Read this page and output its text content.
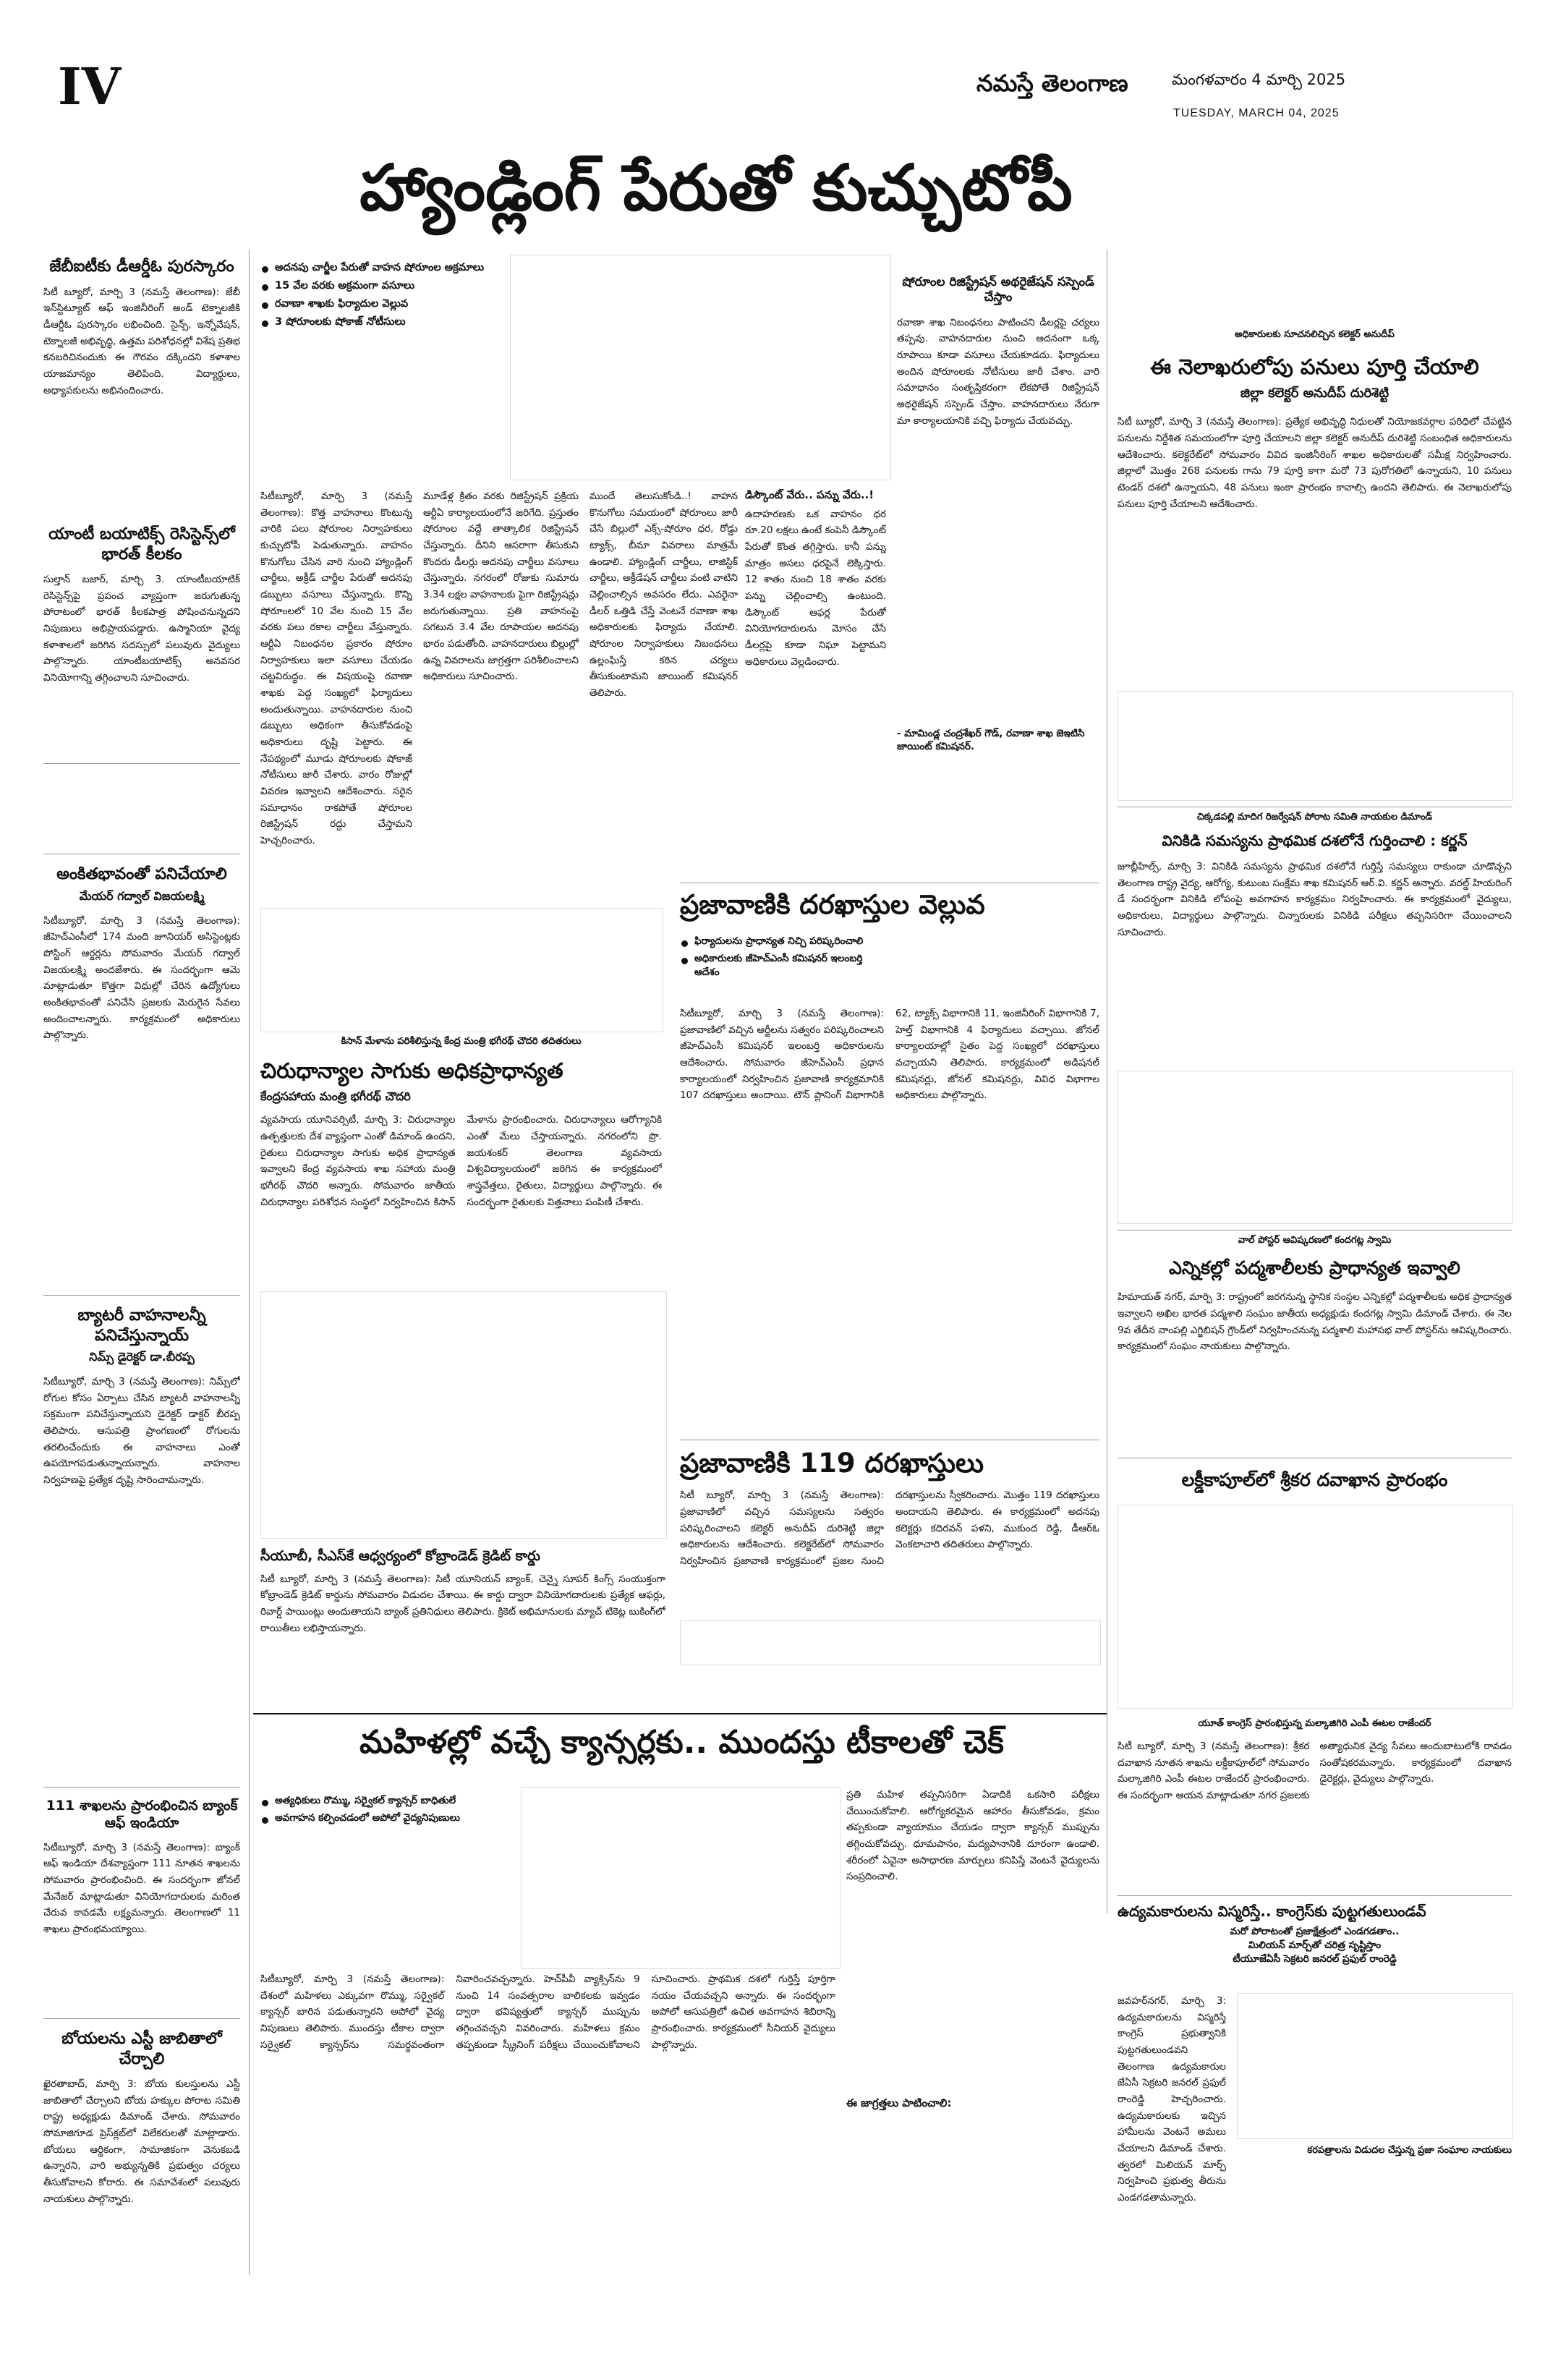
IV	నమస్తే తెలంగాణ	మంగళవారం 4 మార్చి 2025
TUESDAY, MARCH 04, 2025
హ్యాండ్లింగ్ పేరుతో కుచ్చుటోపీ
జేబీఐటీకు డీఆర్డీఓ పురస్కారం
సిటీ బ్యూరో, మార్చి 3 (నమస్తే తెలంగాణ): జేబీ ఇన్‌స్టిట్యూట్ ఆఫ్ ఇంజినీరింగ్ అండ్ టెక్నాలజీకి డీఆర్డీఓ పురస్కారం లభించింది. సైన్స్, ఇన్నోవేషన్, టెక్నాలజీ అభివృద్ధి, ఉత్తమ పరిశోధనల్లో విశేష ప్రతిభ కనబరిచినందుకు ఈ గౌరవం దక్కిందని కళాశాల యాజమాన్యం తెలిపింది. విద్యార్థులు, అధ్యాపకులను అభినందించారు.
యాంటీ బయాటిక్స్ రెసిస్టెన్స్‌లో భారత్ కీలకం
సుల్తాన్ బజార్, మార్చి 3. యాంటీబయాటిక్ రెసిస్టెన్స్‌పై ప్రపంచ వ్యాప్తంగా జరుగుతున్న పోరాటంలో భారత్ కీలకపాత్ర పోషించనున్నదని నిపుణులు అభిప్రాయపడ్డారు. ఉస్మానియా వైద్య కళాశాలలో జరిగిన సదస్సులో పలువురు వైద్యులు పాల్గొన్నారు. యాంటీబయాటిక్స్ అనవసర వినియోగాన్ని తగ్గించాలని సూచించారు.
అంకితభావంతో పనిచేయాలి
మేయర్ గద్వాల్ విజయలక్ష్మి
సిటీబ్యూరో, మార్చి 3 (నమస్తే తెలంగాణ): జీహెచ్ఎంసీలో 174 మంది జూనియర్ అసిస్టెంట్లకు పోస్టింగ్ ఆర్డర్లను సోమవారం మేయర్ గద్వాల్ విజయలక్ష్మి అందజేశారు. ఈ సందర్భంగా ఆమె మాట్లాడుతూ కొత్తగా విధుల్లో చేరిన ఉద్యోగులు అంకితభావంతో పనిచేసి ప్రజలకు మెరుగైన సేవలు అందించాలన్నారు. కార్యక్రమంలో అధికారులు పాల్గొన్నారు.
బ్యాటరీ వాహనాలన్నీ పనిచేస్తున్నాయ్
నిమ్స్ డైరెక్టర్ డా.బీరప్ప
సిటీబ్యూరో, మార్చి 3 (నమస్తే తెలంగాణ): నిమ్స్‌లో రోగుల కోసం ఏర్పాటు చేసిన బ్యాటరీ వాహనాలన్నీ సక్రమంగా పనిచేస్తున్నాయని డైరెక్టర్ డాక్టర్ బీరప్ప తెలిపారు. ఆసుపత్రి ప్రాంగణంలో రోగులను తరలించేందుకు ఈ వాహనాలు ఎంతో ఉపయోగపడుతున్నాయన్నారు. వాహనాల నిర్వహణపై ప్రత్యేక దృష్టి సారించామన్నారు.
111 శాఖలను ప్రారంభించిన బ్యాంక్ ఆఫ్ ఇండియా
సిటీబ్యూరో, మార్చి 3 (నమస్తే తెలంగాణ): బ్యాంక్ ఆఫ్ ఇండియా దేశవ్యాప్తంగా 111 నూతన శాఖలను సోమవారం ప్రారంభించింది. ఈ సందర్భంగా జోనల్ మేనేజర్ మాట్లాడుతూ వినియోగదారులకు మరింత చేరువ కావడమే లక్ష్యమన్నారు. తెలంగాణలో 11 శాఖలు ప్రారంభమయ్యాయి.
బోయలను ఎస్టీ జాబితాలో చేర్చాలి
ఖైరతాబాద్, మార్చి 3: బోయ కులస్తులను ఎస్టీ జాబితాలో చేర్చాలని బోయ హక్కుల పోరాట సమితి రాష్ట్ర అధ్యక్షుడు డిమాండ్ చేశారు. సోమవారం సోమాజిగూడ ప్రెస్‌క్లబ్‌లో విలేకరులతో మాట్లాడారు. బోయలు ఆర్థికంగా, సామాజికంగా వెనుకబడి ఉన్నారని, వారి అభ్యున్నతికి ప్రభుత్వం చర్యలు తీసుకోవాలని కోరారు. ఈ సమావేశంలో పలువురు నాయకులు పాల్గొన్నారు.
అదనపు చార్జీల పేరుతో వాహన షోరూంల అక్రమాలు
15 వేల వరకు అక్రమంగా వసూలు
రవాణా శాఖకు ఫిర్యాదుల వెల్లువ
3 షోరూంలకు షోకాజ్ నోటీసులు
సిటీబ్యూరో, మార్చి 3 (నమస్తే తెలంగాణ): కొత్త వాహనాలు కొంటున్న వారికి పలు షోరూంల నిర్వాహకులు కుచ్చుటోపీ పెడుతున్నారు. వాహనం కొనుగోలు చేసిన వారి నుంచి హ్యాండ్లింగ్ చార్జీలు, అక్రీడ్ చార్జీల పేరుతో అదనపు డబ్బులు వసూలు చేస్తున్నారు. కొన్ని షోరూంలలో 10 వేల నుంచి 15 వేల వరకు పలు రకాల చార్జీలు వేస్తున్నారు. ఆర్టీఏ నిబంధనల ప్రకారం షోరూం నిర్వాహకులు ఇలా వసూలు చేయడం చట్టవిరుద్ధం. ఈ విషయంపై రవాణా శాఖకు పెద్ద సంఖ్యలో ఫిర్యాదులు అందుతున్నాయి. వాహనదారుల నుంచి డబ్బులు అధికంగా తీసుకోవడంపై అధికారులు దృష్టి పెట్టారు. ఈ నేపథ్యంలో మూడు షోరూంలకు షోకాజ్ నోటీసులు జారీ చేశారు. వారం రోజుల్లో వివరణ ఇవ్వాలని ఆదేశించారు. సరైన సమాధానం రాకపోతే షోరూంల రిజిస్ట్రేషన్ రద్దు చేస్తామని హెచ్చరించారు.
మూడేళ్ల క్రితం వరకు రిజిస్ట్రేషన్ ప్రక్రియ ఆర్టీఏ కార్యాలయంలోనే జరిగేది. ప్రస్తుతం షోరూంల వద్దే తాత్కాలిక రిజిస్ట్రేషన్ చేస్తున్నారు. దీనిని ఆసరాగా తీసుకుని కొందరు డీలర్లు అదనపు చార్జీలు వసూలు చేస్తున్నారు. నగరంలో రోజుకు సుమారు 3.34 లక్షల వాహనాలకు పైగా రిజిస్ట్రేషన్లు జరుగుతున్నాయి. ప్రతి వాహనంపై సగటున 3.4 వేల రూపాయల అదనపు భారం పడుతోంది. వాహనదారులు బిల్లుల్లో ఉన్న వివరాలను జాగ్రత్తగా పరిశీలించాలని అధికారులు సూచించారు.
ముందే తెలుసుకోండి..! వాహన కొనుగోలు సమయంలో షోరూంలు జారీ చేసే బిల్లులో ఎక్స్-షోరూం ధర, రోడ్డు ట్యాక్స్, బీమా వివరాలు మాత్రమే ఉండాలి. హ్యాండ్లింగ్ చార్జీలు, లాజిస్టిక్ చార్జీలు, అక్రీడేషన్ చార్జీలు వంటి వాటిని చెల్లించాల్సిన అవసరం లేదు. ఎవరైనా డీలర్ ఒత్తిడి చేస్తే వెంటనే రవాణా శాఖ అధికారులకు ఫిర్యాదు చేయాలి. షోరూంల నిర్వాహకులు నిబంధనలు ఉల్లంఘిస్తే కఠిన చర్యలు తీసుకుంటామని జాయింట్ కమిషనర్ తెలిపారు.
షోరూంల రిజిస్ట్రేషన్ అథరైజేషన్ సస్పెండ్ చేస్తాం
రవాణా శాఖ నిబంధనలు పాటించని డీలర్లపై చర్యలు తప్పవు. వాహనదారుల నుంచి అదనంగా ఒక్క రూపాయి కూడా వసూలు చేయకూడదు. ఫిర్యాదులు అందిన షోరూంలకు నోటీసులు జారీ చేశాం. వారి సమాధానం సంతృప్తికరంగా లేకపోతే రిజిస్ట్రేషన్ అథరైజేషన్ సస్పెండ్ చేస్తాం. వాహనదారులు నేరుగా మా కార్యాలయానికి వచ్చి ఫిర్యాదు చేయవచ్చు.
- మామిండ్ల చంద్రశేఖర్ గౌడ్, రవాణా శాఖ జెఇటిసి జాయింట్ కమిషనర్.
డిస్కౌంట్ వేరు.. పన్ను వేరు..!
ఉదాహరణకు ఒక వాహనం ధర రూ.20 లక్షలు ఉంటే కంపెనీ డిస్కౌంట్ పేరుతో కొంత తగ్గిస్తారు. కానీ పన్ను మాత్రం అసలు ధరపైనే లెక్కిస్తారు. 12 శాతం నుంచి 18 శాతం వరకు పన్ను చెల్లించాల్సి ఉంటుంది. డిస్కౌంట్ ఆఫర్ల పేరుతో వినియోగదారులను మోసం చేసే డీలర్లపై కూడా నిఘా పెట్టామని అధికారులు వెల్లడించారు.
అధికారులకు సూచనలిచ్చిన కలెక్టర్ అనుదీప్
ఈ నెలాఖరులోపు పనులు పూర్తి చేయాలి
జిల్లా కలెక్టర్ అనుదీప్ దురిశెట్టి
సిటీ బ్యూరో, మార్చి 3 (నమస్తే తెలంగాణ): ప్రత్యేక అభివృద్ధి నిధులతో నియోజకవర్గాల పరిధిలో చేపట్టిన పనులను నిర్దేశిత సమయంలోగా పూర్తి చేయాలని జిల్లా కలెక్టర్ అనుదీప్ దురిశెట్టి సంబంధిత అధికారులను ఆదేశించారు. కలెక్టరేట్‌లో సోమవారం వివిద ఇంజినీరింగ్ శాఖల అధికారులతో సమీక్ష నిర్వహించారు. జిల్లాలో మొత్తం 268 పనులకు గాను 79 పూర్తి కాగా మరో 73 పురోగతిలో ఉన్నాయని, 10 పనులు టెండర్ దశలో ఉన్నాయని, 48 పనులు ఇంకా ప్రారంభం కావాల్సి ఉందని తెలిపారు. ఈ నెలాఖరులోపు పనులు పూర్తి చేయాలని ఆదేశించారు.
చిక్కడపల్లి మాదిగ రిజర్వేషన్ పోరాట సమితి నాయకుల డిమాండ్
వినికిడి సమస్యను ప్రాథమిక దశలోనే గుర్తించాలి : కర్ణన్
జూబ్లీహిల్స్, మార్చి 3: వినికిడి సమస్యను ప్రాథమిక దశలోనే గుర్తిస్తే సమస్యలు రాకుండా చూడొచ్చని తెలంగాణ రాష్ట్ర వైద్య, ఆరోగ్య, కుటుంబ సంక్షేమ శాఖ కమిషనర్ ఆర్.వి. కర్ణన్ అన్నారు. వరల్డ్ హియరింగ్ డే సందర్భంగా వినికిడి లోపంపై అవగాహన కార్యక్రమం నిర్వహించారు. ఈ కార్యక్రమంలో వైద్యులు, అధికారులు, విద్యార్థులు పాల్గొన్నారు. చిన్నారులకు వినికిడి పరీక్షలు తప్పనిసరిగా చేయించాలని సూచించారు.
వాల్ పోస్టర్ ఆవిష్కరణలో కందగట్ల స్వామి
ఎన్నికల్లో పద్మశాలీలకు ప్రాధాన్యత ఇవ్వాలి
హిమాయత్ నగర్, మార్చి 3: రాష్ట్రంలో జరగనున్న స్థానిక సంస్థల ఎన్నికల్లో పద్మశాలీలకు అధిక ప్రాధాన్యత ఇవ్వాలని అఖిల భారత పద్మశాలి సంఘం జాతీయ అధ్యక్షుడు కందగట్ల స్వామి డిమాండ్ చేశారు. ఈ నెల 9వ తేదీన నాంపల్లి ఎగ్జిబిషన్ గ్రౌండ్‌లో నిర్వహించనున్న పద్మశాలి మహాసభ వాల్ పోస్టర్‌ను ఆవిష్కరించారు. కార్యక్రమంలో సంఘం నాయకులు పాల్గొన్నారు.
లక్డీకాపూల్‌లో శ్రీకర దవాఖాన ప్రారంభం
ప్రజావాణికి దరఖాస్తుల వెల్లువ
ఫిర్యాదులను ప్రాధాన్యత నిచ్చి పరిష్కరించాలి
అధికారులకు జీహెచ్ఎంసీ కమిషనర్ ఇలంబర్తి ఆదేశం
సిటీబ్యూరో, మార్చి 3 (నమస్తే తెలంగాణ): ప్రజావాణిలో వచ్చిన అర్జీలను సత్వరం పరిష్కరించాలని జీహెచ్ఎంసీ కమిషనర్ ఇలంబర్తి అధికారులను ఆదేశించారు. సోమవారం జీహెచ్ఎంసీ ప్రధాన కార్యాలయంలో నిర్వహించిన ప్రజావాణి కార్యక్రమానికి 107 దరఖాస్తులు అందాయి. టౌన్ ప్లానింగ్ విభాగానికి 62, ట్యాక్స్ విభాగానికి 11, ఇంజినీరింగ్ విభాగానికి 7, హెల్త్ విభాగానికి 4 ఫిర్యాదులు వచ్చాయి. జోనల్ కార్యాలయాల్లో సైతం పెద్ద సంఖ్యలో దరఖాస్తులు వచ్చాయని తెలిపారు. కార్యక్రమంలో అడిషనల్ కమిషనర్లు, జోనల్ కమిషనర్లు, వివిధ విభాగాల అధికారులు పాల్గొన్నారు.
కిసాన్ మేళాను పరిశీలిస్తున్న కేంద్ర మంత్రి భగీరథ్ చౌదరి తదితరులు
చిరుధాన్యాల సాగుకు అధికప్రాధాన్యత
కేంద్రసహాయ మంత్రి భగీరథ్ చౌదరి
వ్యవసాయ యూనివర్సిటీ, మార్చి 3: చిరుధాన్యాల ఉత్పత్తులకు దేశ వ్యాప్తంగా ఎంతో డిమాండ్ ఉందని, రైతులు చిరుధాన్యాల సాగుకు అధిక ప్రాధాన్యత ఇవ్వాలని కేంద్ర వ్యవసాయ శాఖ సహాయ మంత్రి భగీరథ్ చౌదరి అన్నారు. సోమవారం జాతీయ చిరుధాన్యాల పరిశోధన సంస్థలో నిర్వహించిన కిసాన్ మేళాను ప్రారంభించారు. చిరుధాన్యాలు ఆరోగ్యానికి ఎంతో మేలు చేస్తాయన్నారు. నగరంలోని ప్రొ. జయశంకర్ తెలంగాణ వ్యవసాయ విశ్వవిద్యాలయంలో జరిగిన ఈ కార్యక్రమంలో శాస్త్రవేత్తలు, రైతులు, విద్యార్థులు పాల్గొన్నారు. ఈ సందర్భంగా రైతులకు విత్తనాలు పంపిణీ చేశారు.
ప్రజావాణికి 119 దరఖాస్తులు
సిటీ బ్యూరో, మార్చి 3 (నమస్తే తెలంగాణ): ప్రజావాణిలో వచ్చిన సమస్యలను సత్వరం పరిష్కరించాలని కలెక్టర్ అనుదీప్ దురిశెట్టి జిల్లా అధికారులను ఆదేశించారు. కలెక్టరేట్‌లో సోమవారం నిర్వహించిన ప్రజావాణి కార్యక్రమంలో ప్రజల నుంచి దరఖాస్తులను స్వీకరించారు. మొత్తం 119 దరఖాస్తులు అందాయని తెలిపారు. ఈ కార్యక్రమంలో అదనపు కలెక్టర్లు కదిరవన్ పళని, ముకుంద రెడ్డి, డీఆర్ఓ వెంకటాచారి తదితరులు పాల్గొన్నారు.
సీయూబీ, సీఎస్‌కే ఆధ్వర్యంలో కోబ్రాండెడ్ క్రెడిట్ కార్డు
సిటీ బ్యూరో, మార్చి 3 (నమస్తే తెలంగాణ): సిటీ యూనియన్ బ్యాంక్, చెన్నై సూపర్ కింగ్స్ సంయుక్తంగా కోబ్రాండెడ్ క్రెడిట్ కార్డును సోమవారం విడుదల చేశాయి. ఈ కార్డు ద్వారా వినియోగదారులకు ప్రత్యేక ఆఫర్లు, రివార్డ్ పాయింట్లు అందుతాయని బ్యాంక్ ప్రతినిధులు తెలిపారు. క్రికెట్ అభిమానులకు మ్యాచ్ టికెట్ల బుకింగ్‌లో రాయితీలు లభిస్తాయన్నారు.
మహిళల్లో వచ్చే క్యాన్సర్లకు.. ముందస్తు టీకాలతో చెక్
అత్యధికులు రొమ్ము, సర్వైకల్ క్యాన్సర్ బాధితులే
అవగాహన కల్పించడంలో అపోలో వైద్యనిపుణులు
సిటీబ్యూరో, మార్చి 3 (నమస్తే తెలంగాణ): దేశంలో మహిళలు ఎక్కువగా రొమ్ము, సర్వైకల్ క్యాన్సర్ బారిన పడుతున్నారని అపోలో వైద్య నిపుణులు తెలిపారు. ముందస్తు టీకాల ద్వారా సర్వైకల్ క్యాన్సర్‌ను సమర్థవంతంగా నివారించవచ్చన్నారు. హెచ్‌పీవీ వ్యాక్సిన్‌ను 9 నుంచి 14 సంవత్సరాల బాలికలకు ఇవ్వడం ద్వారా భవిష్యత్తులో క్యాన్సర్ ముప్పును తగ్గించవచ్చని వివరించారు. మహిళలు క్రమం తప్పకుండా స్క్రీనింగ్ పరీక్షలు చేయించుకోవాలని సూచించారు. ప్రాథమిక దశలో గుర్తిస్తే పూర్తిగా నయం చేయవచ్చని అన్నారు. ఈ సందర్భంగా అపోలో ఆసుపత్రిలో ఉచిత అవగాహన శిబిరాన్ని ప్రారంభించారు. కార్యక్రమంలో సీనియర్ వైద్యులు పాల్గొన్నారు.
ప్రతి మహిళ తప్పనిసరిగా ఏడాదికి ఒకసారి పరీక్షలు చేయించుకోవాలి. ఆరోగ్యకరమైన ఆహారం తీసుకోవడం, క్రమం తప్పకుండా వ్యాయామం చేయడం ద్వారా క్యాన్సర్ ముప్పును తగ్గించుకోవచ్చు. ధూమపానం, మద్యపానానికి దూరంగా ఉండాలి. శరీరంలో ఏవైనా అసాధారణ మార్పులు కనిపిస్తే వెంటనే వైద్యులను సంప్రదించాలి.
ఈ జాగ్రత్తలు పాటించాలి:
యూత్ కాంగ్రెస్ ప్రారంభిస్తున్న మల్కాజిగిరి ఎంపీ ఈటల రాజేందర్
సిటీ బ్యూరో, మార్చి 3 (నమస్తే తెలంగాణ): శ్రీకర దవాఖాన నూతన శాఖను లక్డీకాపూల్‌లో సోమవారం మల్కాజిగిరి ఎంపీ ఈటల రాజేందర్ ప్రారంభించారు. ఈ సందర్భంగా ఆయన మాట్లాడుతూ నగర ప్రజలకు అత్యాధునిక వైద్య సేవలు అందుబాటులోకి రావడం సంతోషకరమన్నారు. కార్యక్రమంలో దవాఖాన డైరెక్టర్లు, వైద్యులు పాల్గొన్నారు.
ఉద్యమకారులను విస్మరిస్తే.. కాంగ్రెస్‌కు పుట్టగతులుండవ్
మరో పోరాటంతో ప్రజాక్షేత్రంలో ఎండగడతాం..
మిలియన్ మార్చ్‌తో చరిత్ర సృష్టిస్తాం
టీయూజేఏసీ సెక్రటరి జనరల్ ప్రఫుల్ రాంరెడ్డి
జవహర్‌నగర్, మార్చి 3: ఉద్యమకారులను విస్మరిస్తే కాంగ్రెస్ ప్రభుత్వానికి పుట్టగతులుండవని తెలంగాణ ఉద్యమకారుల జేఏసీ సెక్రటరి జనరల్ ప్రఫుల్ రాంరెడ్డి హెచ్చరించారు. ఉద్యమకారులకు ఇచ్చిన హామీలను వెంటనే అమలు చేయాలని డిమాండ్ చేశారు. త్వరలో మిలియన్ మార్చ్ నిర్వహించి ప్రభుత్వ తీరును ఎండగడతామన్నారు.
కరపత్రాలను విడుదల చేస్తున్న ప్రజా సంఘాల నాయకులు
